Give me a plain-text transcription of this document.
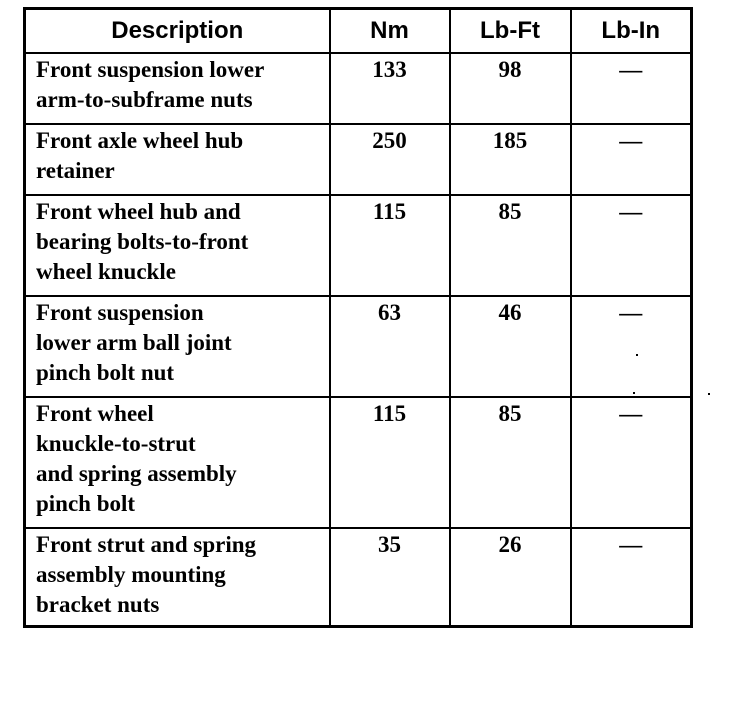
Description	Nm	Lb-Ft	Lb-In

Front suspension lower
arm-to-subframe nuts	133	98	—

Front axle wheel hub
retainer	250	185	—

Front wheel hub and
bearing bolts-to-front
wheel knuckle	115	85	—

Front suspension
lower arm ball joint
pinch bolt nut	63	46	—

Front wheel
knuckle-to-strut
and spring assembly
pinch bolt	115	85	—

Front strut and spring
assembly mounting
bracket nuts	35	26	—
